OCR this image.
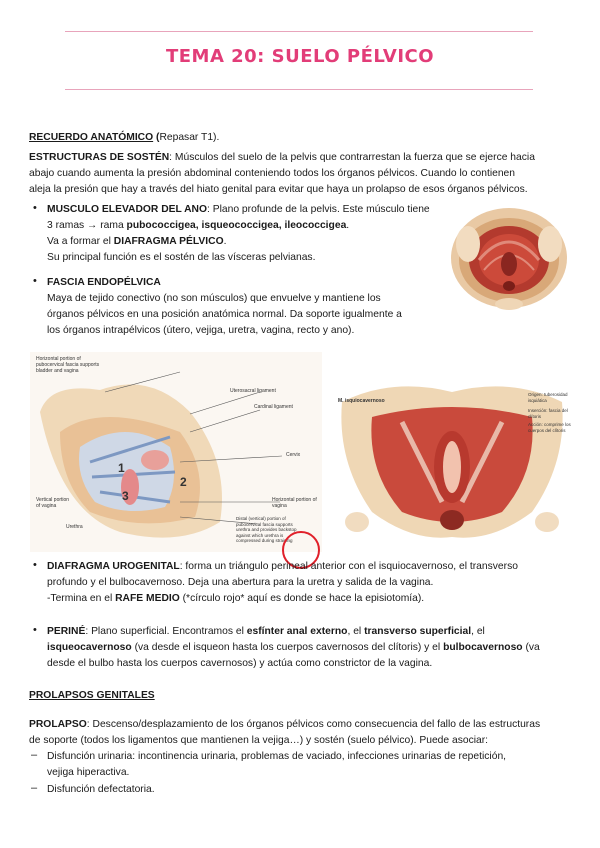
TEMA 20: SUELO PÉLVICO
RECUERDO ANATÓMICO (Repasar T1).
ESTRUCTURAS DE SOSTÉN: Músculos del suelo de la pelvis que contrarrestan la fuerza que se ejerce hacia
abajo cuando aumenta la presión abdominal conteniendo todos los órganos pélvicos. Cuando lo contienen
aleja la presión que hay a través del hiato genital para evitar que haya un prolapso de esos órganos pélvicos.
• MUSCULO ELEVADOR DEL ANO: Plano profunde de la pelvis. Este músculo tiene
3 ramas → rama pubococcigea, isqueococcigea, ileococcigea.
Va a formar el DIAFRAGMA PÉLVICO.
Su principal función es el sostén de las vísceras pelvianas.
• FASCIA ENDOPÉLVICA
Maya de tejido conectivo (no son músculos) que envuelve y mantiene los
órganos pélvicos en una posición anatómica normal. Da soporte igualmente a
los órganos intrapélvicos (útero, vejiga, uretra, vagina, recto y ano).
1
2
3
Horizontal portion of pubocervical fascia supports bladder and vagina
Uterosacral ligament
Cardinal ligament
Cervix
Vertical portion of vagina
Horizontal portion of vagina
Urethra
Distal (vertical) portion of pubocervical fascia supports urethra and provides backstop against which urethra is compressed during straining
M. isquiocavernoso
Origen: tuberosidad isquiática
Inserción: fascia del clítoris
Acción: comprime los cuerpos del clítoris
• DIAFRAGMA UROGENITAL: forma un triángulo perineal anterior con el isquiocavernoso, el transverso
profundo y el bulbocavernoso. Deja una abertura para la uretra y salida de la vagina.
-Termina en el RAFE MEDIO (*círculo rojo* aquí es donde se hace la episiotomía).
• PERINÉ: Plano superficial. Encontramos el esfínter anal externo, el transverso superficial, el
isqueocavernoso (va desde el isqueon hasta los cuerpos cavernosos del clítoris) y el bulbocavernoso (va
desde el bulbo hasta los cuerpos cavernosos) y actúa como constrictor de la vagina.
PROLAPSOS GENITALES
PROLAPSO: Descenso/desplazamiento de los órganos pélvicos como consecuencia del fallo de las estructuras
de soporte (todos los ligamentos que mantienen la vejiga…) y sostén (suelo pélvico). Puede asociar:
– Disfunción urinaria: incontinencia urinaria, problemas de vaciado, infecciones urinarias de repetición,
vejiga hiperactiva.
– Disfunción defectatoria.
